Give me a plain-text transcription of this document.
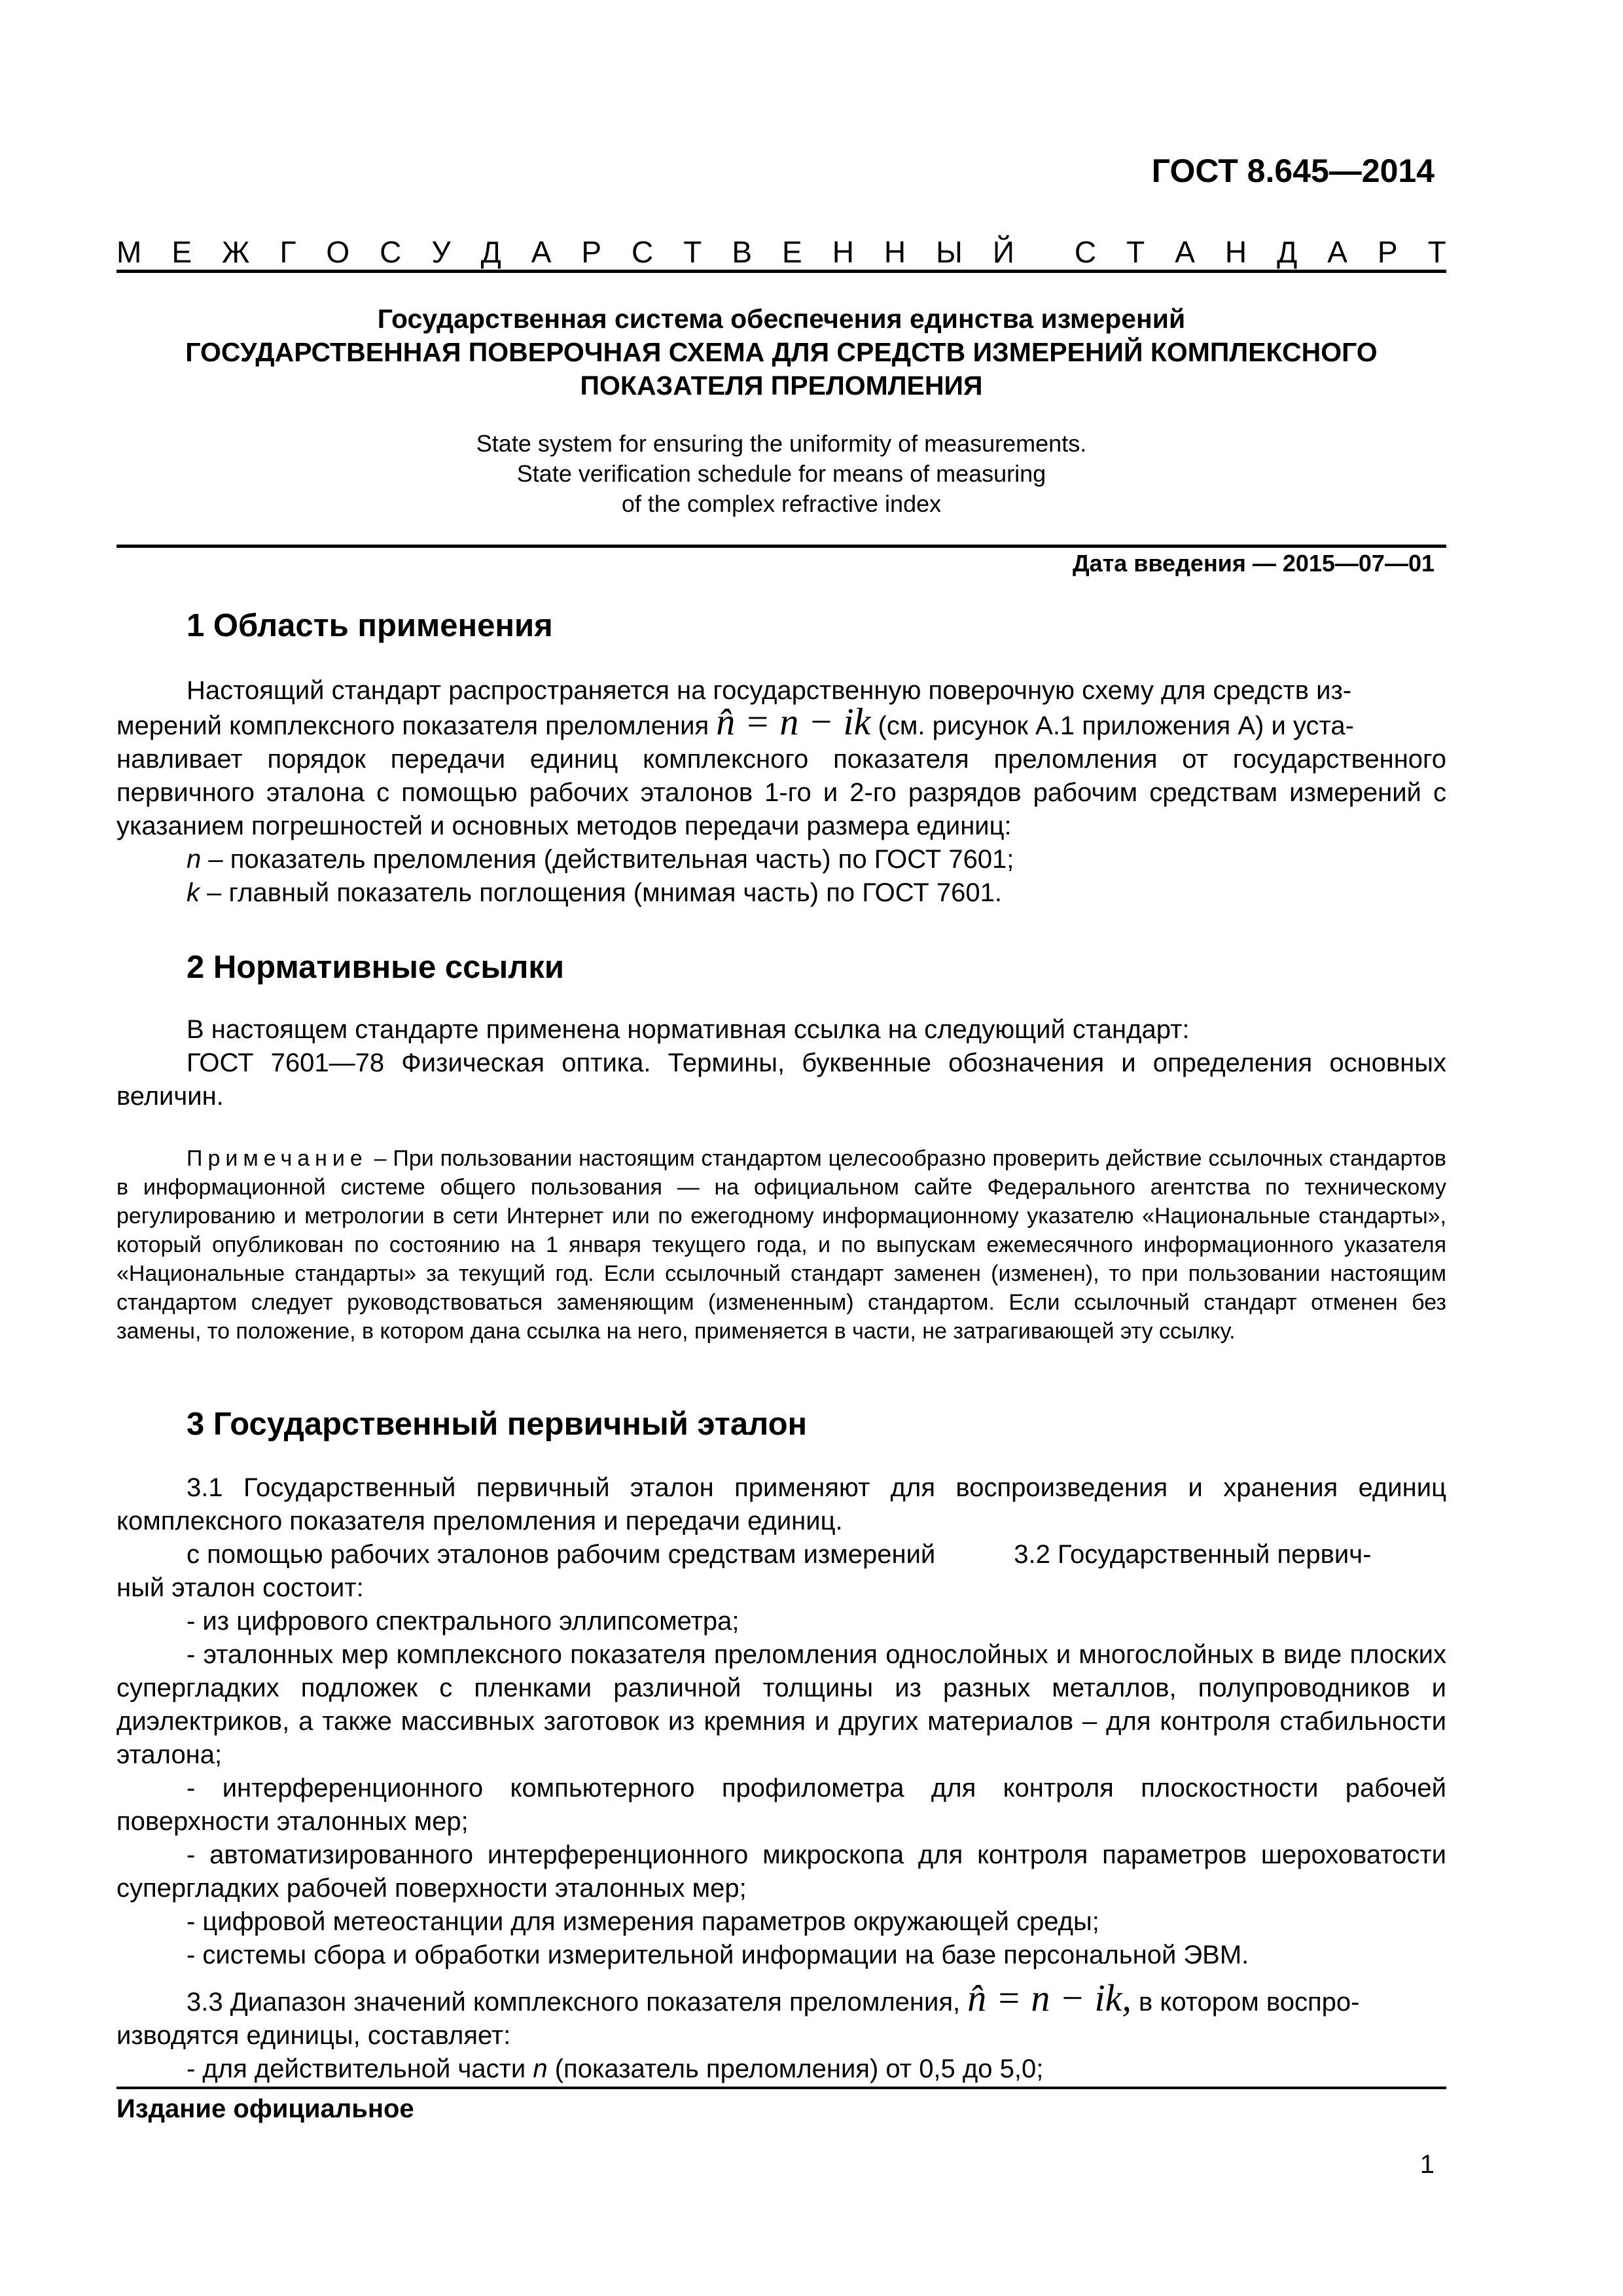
ГОСТ 8.645—2014
М Е Ж Г О С У Д А Р С Т В Е Н Н Ы Й С Т А Н Д А Р Т
Государственная система обеспечения единства измерений
ГОСУДАРСТВЕННАЯ ПОВЕРОЧНАЯ СХЕМА ДЛЯ СРЕДСТВ ИЗМЕРЕНИЙ КОМПЛЕКСНОГО
ПОКАЗАТЕЛЯ ПРЕЛОМЛЕНИЯ
State system for ensuring the uniformity of measurements.
State verification schedule for means of measuring
of the complex refractive index
Дата введения — 2015—07—01
1 Область применения

Настоящий стандарт распространяется на государственную поверочную схему для средств из-

мерений комплексного показателя преломления n̂ = n − ik (см. рисунок А.1 приложения А) и уста-

навливает порядок передачи единиц комплексного показателя преломления от государственного первичного эталона с помощью рабочих эталонов 1-го и 2-го разрядов рабочим средствам измерений с указанием погрешностей и основных методов передачи размера единиц:

n – показатель преломления (действительная часть) по ГОСТ 7601;

k – главный показатель поглощения (мнимая часть) по ГОСТ 7601.

2 Нормативные ссылки

В настоящем стандарте применена нормативная ссылка на следующий стандарт:

ГОСТ 7601—78 Физическая оптика. Термины, буквенные обозначения и определения основных величин.

Примечание – При пользовании настоящим стандартом целесообразно проверить действие ссылочных стандартов в информационной системе общего пользования — на официальном сайте Федерального агентства по техническому регулированию и метрологии в сети Интернет или по ежегодному информационному указателю «Национальные стандарты», который опубликован по состоянию на 1 января текущего года, и по выпускам ежемесячного информационного указателя «Национальные стандарты» за текущий год. Если ссылочный стандарт заменен (изменен), то при пользовании настоящим стандартом следует руководствоваться заменяющим (измененным) стандартом. Если ссылочный стандарт отменен без замены, то положение, в котором дана ссылка на него, применяется в части, не затрагивающей эту ссылку.

3 Государственный первичный эталон

3.1 Государственный первичный эталон применяют для воспроизведения и хранения единиц комплексного показателя преломления и передачи единиц.

с помощью рабочих эталонов рабочим средствам измерений	3.2 Государственный первич-

ный эталон состоит:

- из цифрового спектрального эллипсометра;

- эталонных мер комплексного показателя преломления однослойных и многослойных в виде плоских супергладких подложек с пленками различной толщины из разных металлов, полупроводников и диэлектриков, а также массивных заготовок из кремния и других материалов – для контроля стабильности эталона;

- интерференционного компьютерного профилометра для контроля плоскостности рабочей поверхности эталонных мер;

- автоматизированного интерференционного микроскопа для контроля параметров шероховатости супергладких рабочей поверхности эталонных мер;

- цифровой метеостанции для измерения параметров окружающей среды;

- системы сбора и обработки измерительной информации на базе персональной ЭВМ.

3.3 Диапазон значений комплексного показателя преломления, n̂ = n − ik, в котором воспро-

изводятся единицы, составляет:

- для действительной части n (показатель преломления) от 0,5 до 5,0;

Издание официальное
1
